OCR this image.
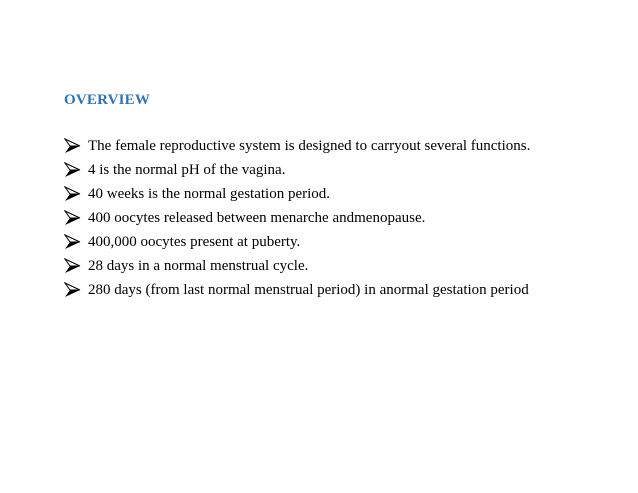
OVERVIEW
The female reproductive system is designed to carryout several functions.
4 is the normal pH of the vagina.
40 weeks is the normal gestation period.
400 oocytes released between menarche andmenopause.
400,000 oocytes present at puberty.
28 days in a normal menstrual cycle.
280 days (from last normal menstrual period) in anormal gestation period
